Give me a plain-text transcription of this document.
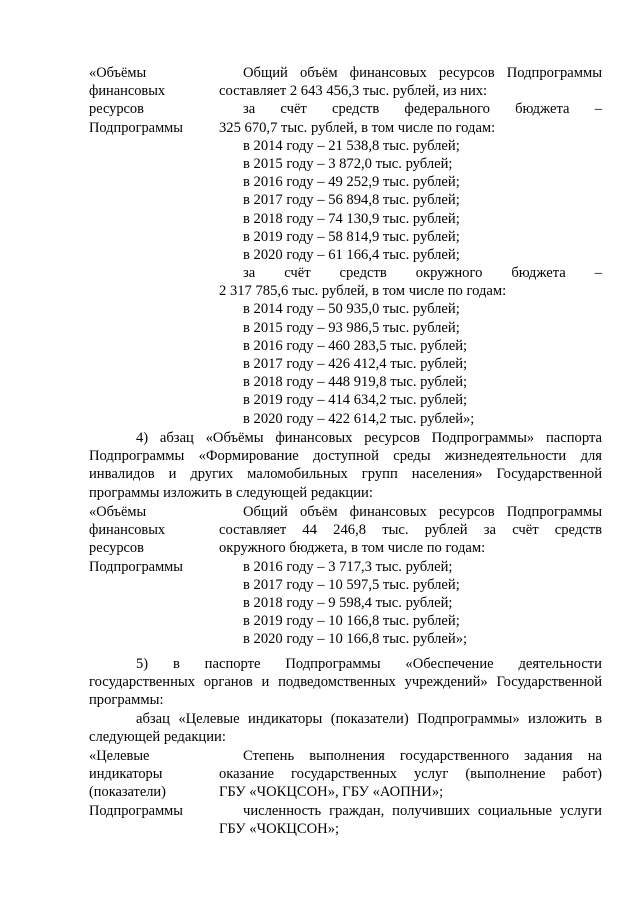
«Объёмы
финансовых
ресурсов
Подпрограммы
Общий объём финансовых ресурсов Подпрограммы
составляет 2 643 456,3 тыс. рублей, из них:
за счёт средств федерального бюджета –
325 670,7 тыс. рублей, в том числе по годам:
в 2014 году – 21 538,8 тыс. рублей;
в 2015 году – 3 872,0 тыс. рублей;
в 2016 году – 49 252,9 тыс. рублей;
в 2017 году – 56 894,8 тыс. рублей;
в 2018 году – 74 130,9 тыс. рублей;
в 2019 году – 58 814,9 тыс. рублей;
в 2020 году – 61 166,4 тыс. рублей;
за счёт средств окружного бюджета –
2 317 785,6 тыс. рублей, в том числе по годам:
в 2014 году – 50 935,0 тыс. рублей;
в 2015 году – 93 986,5 тыс. рублей;
в 2016 году – 460 283,5 тыс. рублей;
в 2017 году – 426 412,4 тыс. рублей;
в 2018 году – 448 919,8 тыс. рублей;
в 2019 году – 414 634,2 тыс. рублей;
в 2020 году – 422 614,2 тыс. рублей»;
4) абзац «Объёмы финансовых ресурсов Подпрограммы» паспорта
Подпрограммы «Формирование доступной среды жизнедеятельности для
инвалидов и других маломобильных групп населения» Государственной
программы изложить в следующей редакции:
«Объёмы
финансовых
ресурсов
Подпрограммы
Общий объём финансовых ресурсов Подпрограммы
составляет 44 246,8 тыс. рублей за счёт средств
окружного бюджета, в том числе по годам:
в 2016 году – 3 717,3 тыс. рублей;
в 2017 году – 10 597,5 тыс. рублей;
в 2018 году – 9 598,4 тыс. рублей;
в 2019 году – 10 166,8 тыс. рублей;
в 2020 году – 10 166,8 тыс. рублей»;
5) в паспорте Подпрограммы «Обеспечение деятельности
государственных органов и подведомственных учреждений» Государственной
программы:
абзац «Целевые индикаторы (показатели) Подпрограммы» изложить в
следующей редакции:
«Целевые
индикаторы
(показатели)
Подпрограммы
Степень выполнения государственного задания на
оказание государственных услуг (выполнение работ)
ГБУ «ЧОКЦСОН», ГБУ «АОПНИ»;
численность граждан, получивших социальные услуги
ГБУ «ЧОКЦСОН»;
